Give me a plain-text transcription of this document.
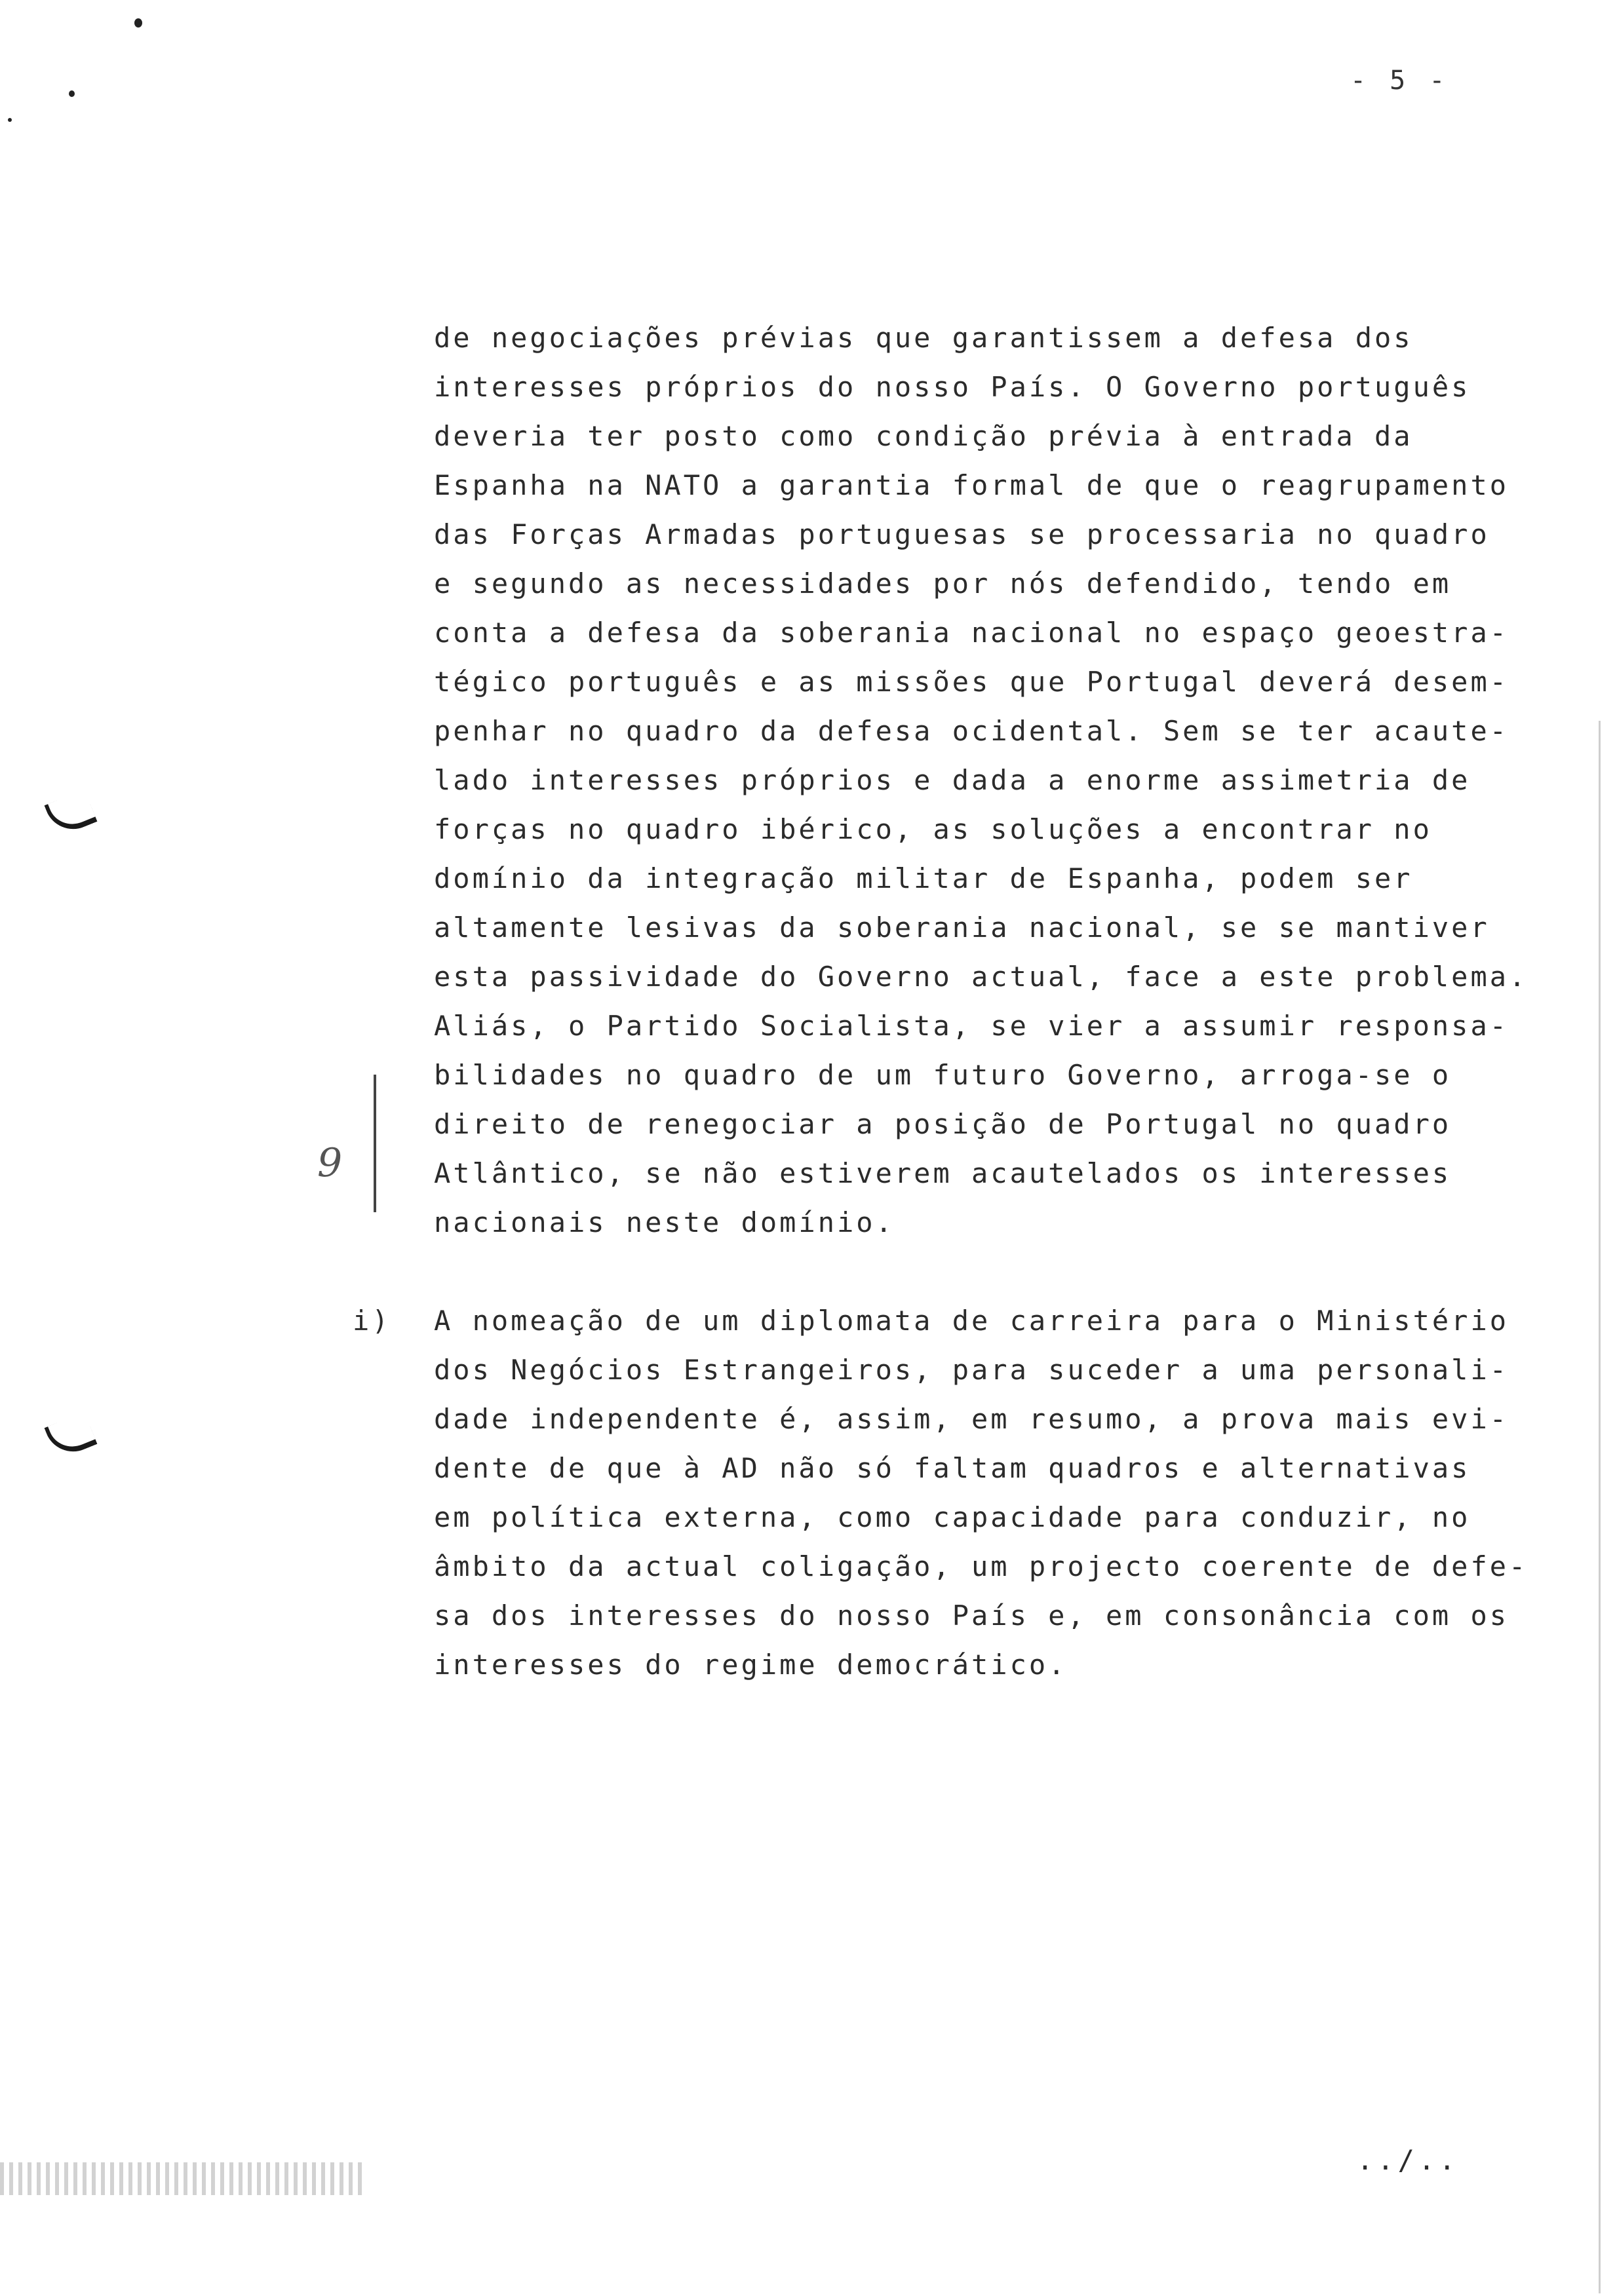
- 5 -
de negociações prévias que garantissem a defesa dos
interesses próprios do nosso País. O Governo português
deveria ter posto como condição prévia à entrada da
Espanha na NATO a garantia formal de que o reagrupamento
das Forças Armadas portuguesas se processaria no quadro
e segundo as necessidades por nós defendido, tendo em
conta a defesa da soberania nacional no espaço geoestra-
tégico português e as missões que Portugal deverá desem-
penhar no quadro da defesa ocidental. Sem se ter acaute-
lado interesses próprios e dada a enorme assimetria de
forças no quadro ibérico, as soluções a encontrar no
domínio da integração militar de Espanha, podem ser
altamente lesivas da soberania nacional, se se mantiver
esta passividade do Governo actual, face a este problema.
Aliás, o Partido Socialista, se vier a assumir responsa-
bilidades no quadro de um futuro Governo, arroga-se o
direito de renegociar a posição de Portugal no quadro
Atlântico, se não estiverem acautelados os interesses
nacionais neste domínio.
i) A nomeação de um diplomata de carreira para o Ministério
dos Negócios Estrangeiros, para suceder a uma personali-
dade independente é, assim, em resumo, a prova mais evi-
dente de que à AD não só faltam quadros e alternativas
em política externa, como capacidade para conduzir, no
âmbito da actual coligação, um projecto coerente de defe-
sa dos interesses do nosso País e, em consonância com os
interesses do regime democrático.
9
../..
